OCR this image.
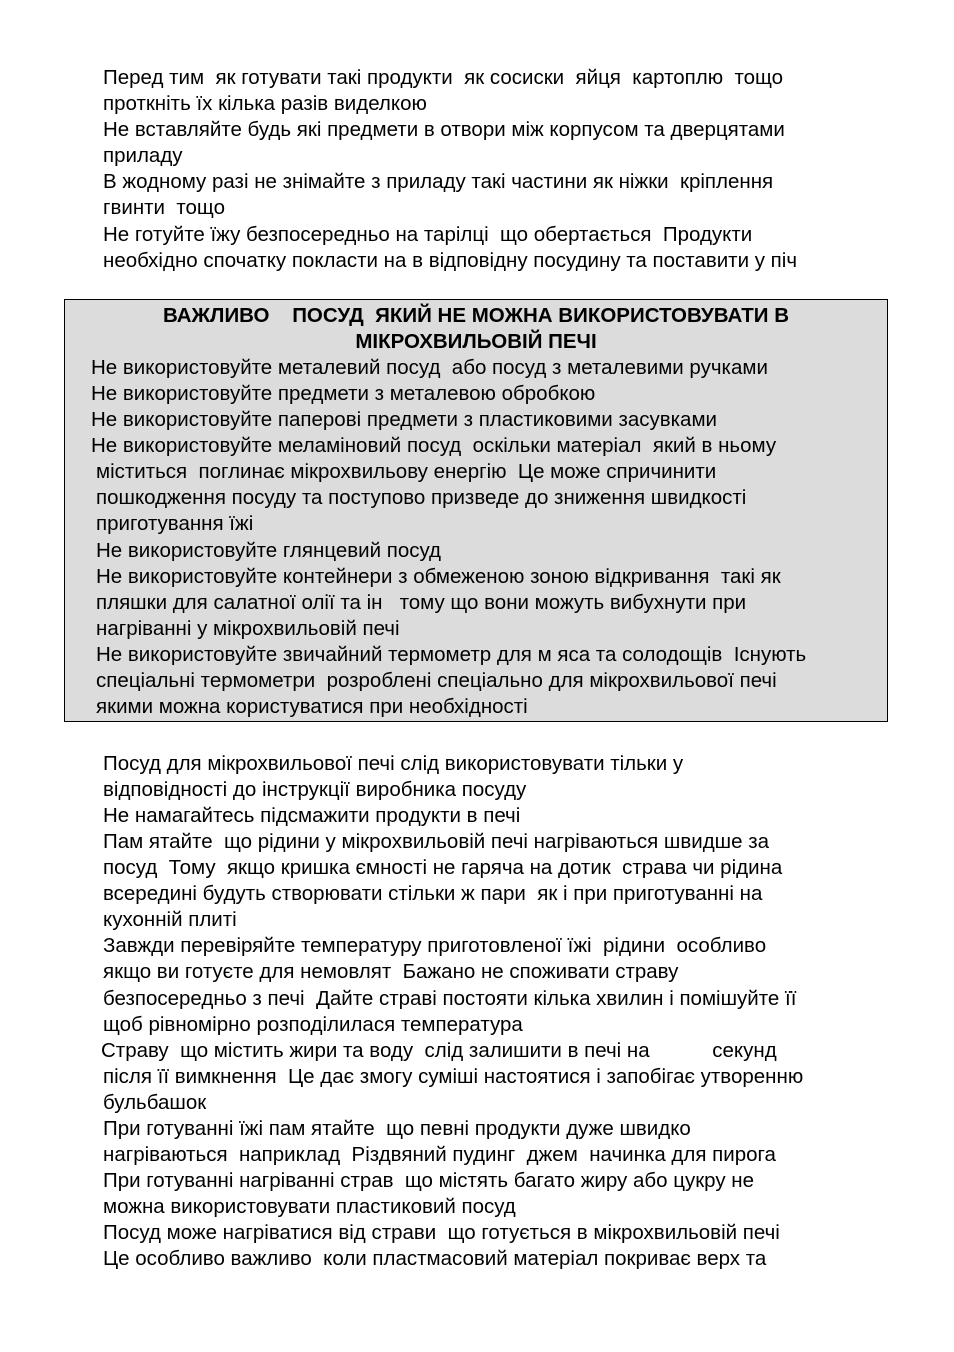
Перед тим  як готувати такі продукти  як сосиски  яйця  картоплю  тощо
проткніть їх кілька разів виделкою
Не вставляйте будь які предмети в отвори між корпусом та дверцятами
приладу
В жодному разі не знімайте з приладу такі частини як ніжки  кріплення
гвинти  тощо
Не готуйте їжу безпосередньо на тарілці  що обертається  Продукти
необхідно спочатку покласти на в відповідну посудину та поставити у піч
ВАЖЛИВО    ПОСУД  ЯКИЙ НЕ МОЖНА ВИКОРИСТОВУВАТИ В
МІКРОХВИЛЬОВІЙ ПЕЧІ
Не використовуйте металевий посуд  або посуд з металевими ручками
Не використовуйте предмети з металевою обробкою
Не використовуйте паперові предмети з пластиковими засувками
Не використовуйте меламіновий посуд  оскільки матеріал  який в ньому
міститься  поглинає мікрохвильову енергію  Це може спричинити
пошкодження посуду та поступово призведе до зниження швидкості
приготування їжі
Не використовуйте глянцевий посуд
Не використовуйте контейнери з обмеженою зоною відкривання  такі як
пляшки для салатної олії та ін   тому що вони можуть вибухнути при
нагріванні у мікрохвильовій печі
Не використовуйте звичайний термометр для м яса та солодощів  Існують
спеціальні термометри  розроблені спеціально для мікрохвильової печі
якими можна користуватися при необхідності
Посуд для мікрохвильової печі слід використовувати тільки у
відповідності до інструкції виробника посуду
Не намагайтесь підсмажити продукти в печі
Пам ятайте  що рідини у мікрохвильовій печі нагріваються швидше за
посуд  Тому  якщо кришка ємності не гаряча на дотик  страва чи рідина
всередині будуть створювати стільки ж пари  як і при приготуванні на
кухонній плиті
Завжди перевіряйте температуру приготовленої їжі  рідини  особливо
якщо ви готуєте для немовлят  Бажано не споживати страву
безпосередньо з печі  Дайте страві постояти кілька хвилин і помішуйте її
щоб рівномірно розподілилася температура
Страву  що містить жири та воду  слід залишити в печі на           секунд
після її вимкнення  Це дає змогу суміші настоятися і запобігає утворенню
бульбашок
При готуванні їжі пам ятайте  що певні продукти дуже швидко
нагріваються  наприклад  Різдвяний пудинг  джем  начинка для пирога
При готуванні нагріванні страв  що містять багато жиру або цукру не
можна використовувати пластиковий посуд
Посуд може нагріватися від страви  що готується в мікрохвильовій печі
Це особливо важливо  коли пластмасовий матеріал покриває верх та
